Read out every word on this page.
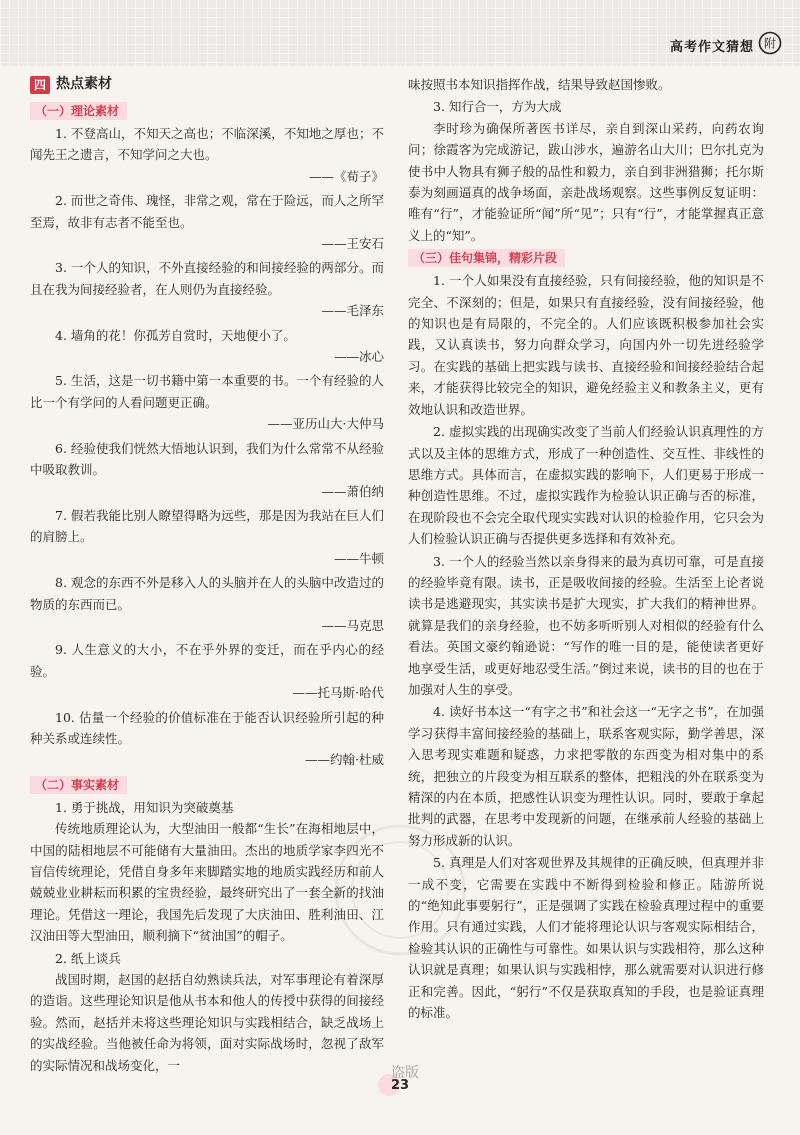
高考作文猜想 附
四 热点素材
（一）理论素材

1. 不登高山，不知天之高也；不临深溪，不知地之厚也；不闻先王之遗言，不知学问之大也。

——《荀子》

2. 而世之奇伟、瑰怪，非常之观，常在于险远，而人之所罕至焉，故非有志者不能至也。

——王安石

3. 一个人的知识，不外直接经验的和间接经验的两部分。而且在我为间接经验者，在人则仍为直接经验。

——毛泽东

4. 墙角的花！你孤芳自赏时，天地便小了。

——冰心

5. 生活，这是一切书籍中第一本重要的书。一个有经验的人比一个有学问的人看问题更正确。

——亚历山大·大仲马

6. 经验使我们恍然大悟地认识到，我们为什么常常不从经验中吸取教训。

——萧伯纳

7. 假若我能比别人瞭望得略为远些，那是因为我站在巨人们的肩膀上。

——牛顿

8. 观念的东西不外是移入人的头脑并在人的头脑中改造过的物质的东西而已。

——马克思

9. 人生意义的大小，不在乎外界的变迁，而在乎内心的经验。

——托马斯·哈代

10. 估量一个经验的价值标准在于能否认识经验所引起的种种关系或连续性。

——约翰·杜威

（二）事实素材

1. 勇于挑战，用知识为突破奠基

传统地质理论认为，大型油田一般都“生长”在海相地层中，中国的陆相地层不可能储有大量油田。杰出的地质学家李四光不盲信传统理论，凭借自身多年来脚踏实地的地质实践经历和前人兢兢业业耕耘而积累的宝贵经验，最终研究出了一套全新的找油理论。凭借这一理论，我国先后发现了大庆油田、胜利油田、江汉油田等大型油田，顺利摘下“贫油国”的帽子。

2. 纸上谈兵

战国时期，赵国的赵括自幼熟读兵法，对军事理论有着深厚的造诣。这些理论知识是他从书本和他人的传授中获得的间接经验。然而，赵括并未将这些理论知识与实践相结合，缺乏战场上的实战经验。当他被任命为将领，面对实际战场时，忽视了敌军的实际情况和战场变化，一

味按照书本知识指挥作战，结果导致赵国惨败。

3. 知行合一，方为大成

李时珍为确保所著医书详尽，亲自到深山采药，向药农询问；徐霞客为完成游记，跋山涉水，遍游名山大川；巴尔扎克为使书中人物具有狮子般的品性和毅力，亲自到非洲猎狮；托尔斯泰为刻画逼真的战争场面，亲赴战场观察。这些事例反复证明：唯有“行”，才能验证所“闻”所“见”；只有“行”，才能掌握真正意义上的“知”。

（三）佳句集锦，精彩片段

1. 一个人如果没有直接经验，只有间接经验，他的知识是不完全、不深刻的；但是，如果只有直接经验，没有间接经验，他的知识也是有局限的，不完全的。人们应该既积极参加社会实践，又认真读书，努力向群众学习，向国内外一切先进经验学习。在实践的基础上把实践与读书、直接经验和间接经验结合起来，才能获得比较完全的知识，避免经验主义和教条主义，更有效地认识和改造世界。

2. 虚拟实践的出现确实改变了当前人们经验认识真理性的方式以及主体的思维方式，形成了一种创造性、交互性、非线性的思维方式。具体而言，在虚拟实践的影响下，人们更易于形成一种创造性思维。不过，虚拟实践作为检验认识正确与否的标准，在现阶段也不会完全取代现实实践对认识的检验作用，它只会为人们检验认识正确与否提供更多选择和有效补充。

3. 一个人的经验当然以亲身得来的最为真切可靠，可是直接的经验毕竟有限。读书，正是吸收间接的经验。生活至上论者说读书是逃避现实，其实读书是扩大现实，扩大我们的精神世界。就算是我们的亲身经验，也不妨多听听别人对相似的经验有什么看法。英国文豪约翰逊说：“写作的唯一目的是，能使读者更好地享受生活，或更好地忍受生活。”倒过来说，读书的目的也在于加强对人生的享受。

4. 读好书本这一“有字之书”和社会这一“无字之书”，在加强学习获得丰富间接经验的基础上，联系客观实际，勤学善思，深入思考现实难题和疑惑，力求把零散的东西变为相对集中的系统，把独立的片段变为相互联系的整体，把粗浅的外在联系变为精深的内在本质，把感性认识变为理性认识。同时，要敢于拿起批判的武器，在思考中发现新的问题，在继承前人经验的基础上努力形成新的认识。

5. 真理是人们对客观世界及其规律的正确反映，但真理并非一成不变，它需要在实践中不断得到检验和修正。陆游所说的“绝知此事要躬行”，正是强调了实践在检验真理过程中的重要作用。只有通过实践，人们才能将理论认识与客观实际相结合，检验其认识的正确性与可靠性。如果认识与实践相符，那么这种认识就是真理；如果认识与实践相悖，那么就需要对认识进行修正和完善。因此，“躬行”不仅是获取真知的手段，也是验证真理的标准。

盗版
23
